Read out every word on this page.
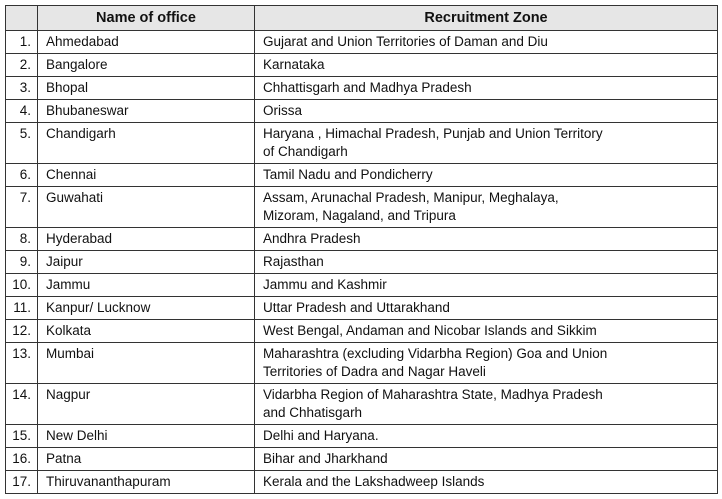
	Name of office	Recruitment Zone
1.	Ahmedabad	Gujarat and Union Territories of Daman and Diu

2.	Bangalore	Karnataka

3.	Bhopal	Chhattisgarh and Madhya Pradesh

4.	Bhubaneswar	Orissa

5.	Chandigarh	Haryana , Himachal Pradesh, Punjab and Union Territory of Chandigarh

6.	Chennai	Tamil Nadu and Pondicherry

7.	Guwahati	Assam, Arunachal Pradesh, Manipur, Meghalaya, Mizoram, Nagaland, and Tripura

8.	Hyderabad	Andhra Pradesh

9.	Jaipur	Rajasthan

10.	Jammu	Jammu and Kashmir

11.	Kanpur/ Lucknow	Uttar Pradesh and Uttarakhand

12.	Kolkata	West Bengal, Andaman and Nicobar Islands and Sikkim

13.	Mumbai	Maharashtra (excluding Vidarbha Region) Goa and Union Territories of Dadra and Nagar Haveli

14.	Nagpur	Vidarbha Region of Maharashtra State, Madhya Pradesh and Chhatisgarh

15.	New Delhi	Delhi and Haryana.

16.	Patna	Bihar and Jharkhand

17.	Thiruvananthapuram	Kerala and the Lakshadweep Islands
